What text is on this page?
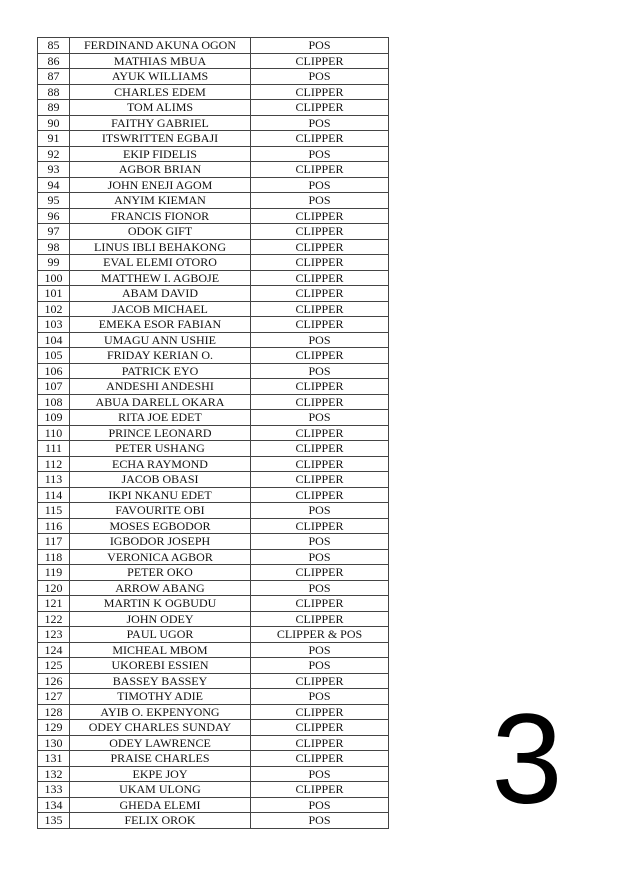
85	FERDINAND AKUNA OGON	POS
86	MATHIAS MBUA	CLIPPER
87	AYUK WILLIAMS	POS
88	CHARLES EDEM	CLIPPER
89	TOM ALIMS	CLIPPER
90	FAITHY GABRIEL	POS
91	ITSWRITTEN EGBAJI	CLIPPER
92	EKIP FIDELIS	POS
93	AGBOR BRIAN	CLIPPER
94	JOHN ENEJI AGOM	POS
95	ANYIM KIEMAN	POS
96	FRANCIS FIONOR	CLIPPER
97	ODOK GIFT	CLIPPER
98	LINUS IBLI BEHAKONG	CLIPPER
99	EVAL ELEMI OTORO	CLIPPER
100	MATTHEW I. AGBOJE	CLIPPER
101	ABAM DAVID	CLIPPER
102	JACOB MICHAEL	CLIPPER
103	EMEKA ESOR FABIAN	CLIPPER
104	UMAGU ANN USHIE	POS
105	FRIDAY KERIAN O.	CLIPPER
106	PATRICK EYO	POS
107	ANDESHI ANDESHI	CLIPPER
108	ABUA DARELL OKARA	CLIPPER
109	RITA JOE EDET	POS
110	PRINCE LEONARD	CLIPPER
111	PETER USHANG	CLIPPER
112	ECHA RAYMOND	CLIPPER
113	JACOB OBASI	CLIPPER
114	IKPI NKANU EDET	CLIPPER
115	FAVOURITE OBI	POS
116	MOSES EGBODOR	CLIPPER
117	IGBODOR JOSEPH	POS
118	VERONICA AGBOR	POS
119	PETER OKO	CLIPPER
120	ARROW ABANG	POS
121	MARTIN K OGBUDU	CLIPPER
122	JOHN ODEY	CLIPPER
123	PAUL UGOR	CLIPPER & POS
124	MICHEAL MBOM	POS
125	UKOREBI ESSIEN	POS
126	BASSEY BASSEY	CLIPPER
127	TIMOTHY ADIE	POS
128	AYIB O. EKPENYONG	CLIPPER
129	ODEY CHARLES SUNDAY	CLIPPER
130	ODEY LAWRENCE	CLIPPER
131	PRAISE CHARLES	CLIPPER
132	EKPE JOY	POS
133	UKAM ULONG	CLIPPER
134	GHEDA ELEMI	POS
135	FELIX OROK	POS 3
